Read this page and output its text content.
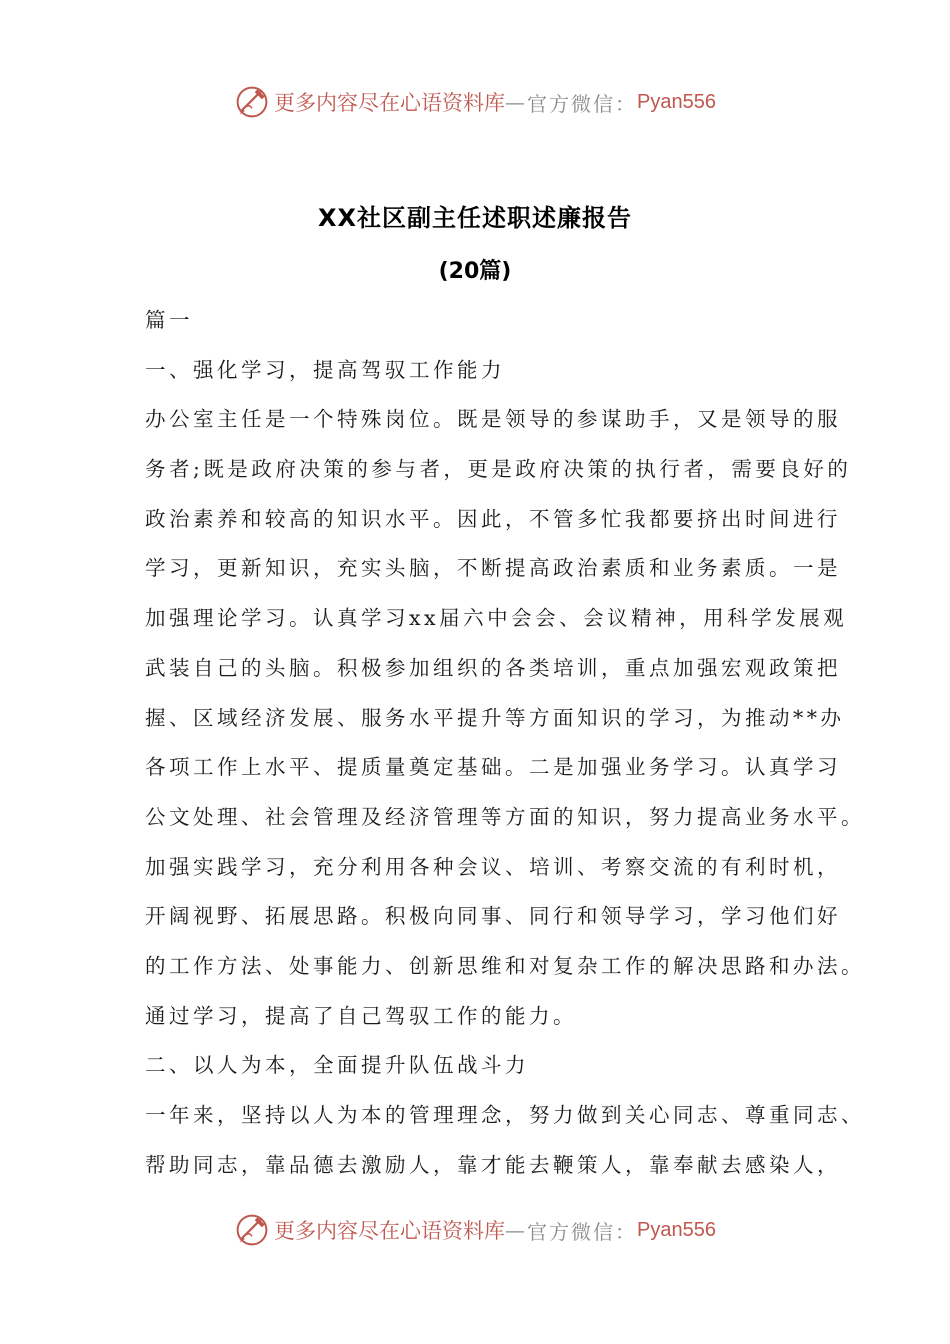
更多内容尽在心语资料库 — 官方微信： Pyan556
XX社区副主任述职述廉报告
(20篇)
篇一
一、强化学习，提高驾驭工作能力
办公室主任是一个特殊岗位。既是领导的参谋助手，又是领导的服
务者;既是政府决策的参与者，更是政府决策的执行者，需要良好的
政治素养和较高的知识水平。因此，不管多忙我都要挤出时间进行
学习，更新知识，充实头脑，不断提高政治素质和业务素质。一是
加强理论学习。认真学习xx届六中会会、会议精神，用科学发展观
武装自己的头脑。积极参加组织的各类培训，重点加强宏观政策把
握、区域经济发展、服务水平提升等方面知识的学习，为推动**办
各项工作上水平、提质量奠定基础。二是加强业务学习。认真学习
公文处理、社会管理及经济管理等方面的知识，努力提高业务水平。
加强实践学习，充分利用各种会议、培训、考察交流的有利时机，
开阔视野、拓展思路。积极向同事、同行和领导学习，学习他们好
的工作方法、处事能力、创新思维和对复杂工作的解决思路和办法。
通过学习，提高了自己驾驭工作的能力。
二、以人为本，全面提升队伍战斗力
一年来，坚持以人为本的管理理念，努力做到关心同志、尊重同志、
帮助同志，靠品德去激励人，靠才能去鞭策人，靠奉献去感染人，
更多内容尽在心语资料库 — 官方微信： Pyan556
